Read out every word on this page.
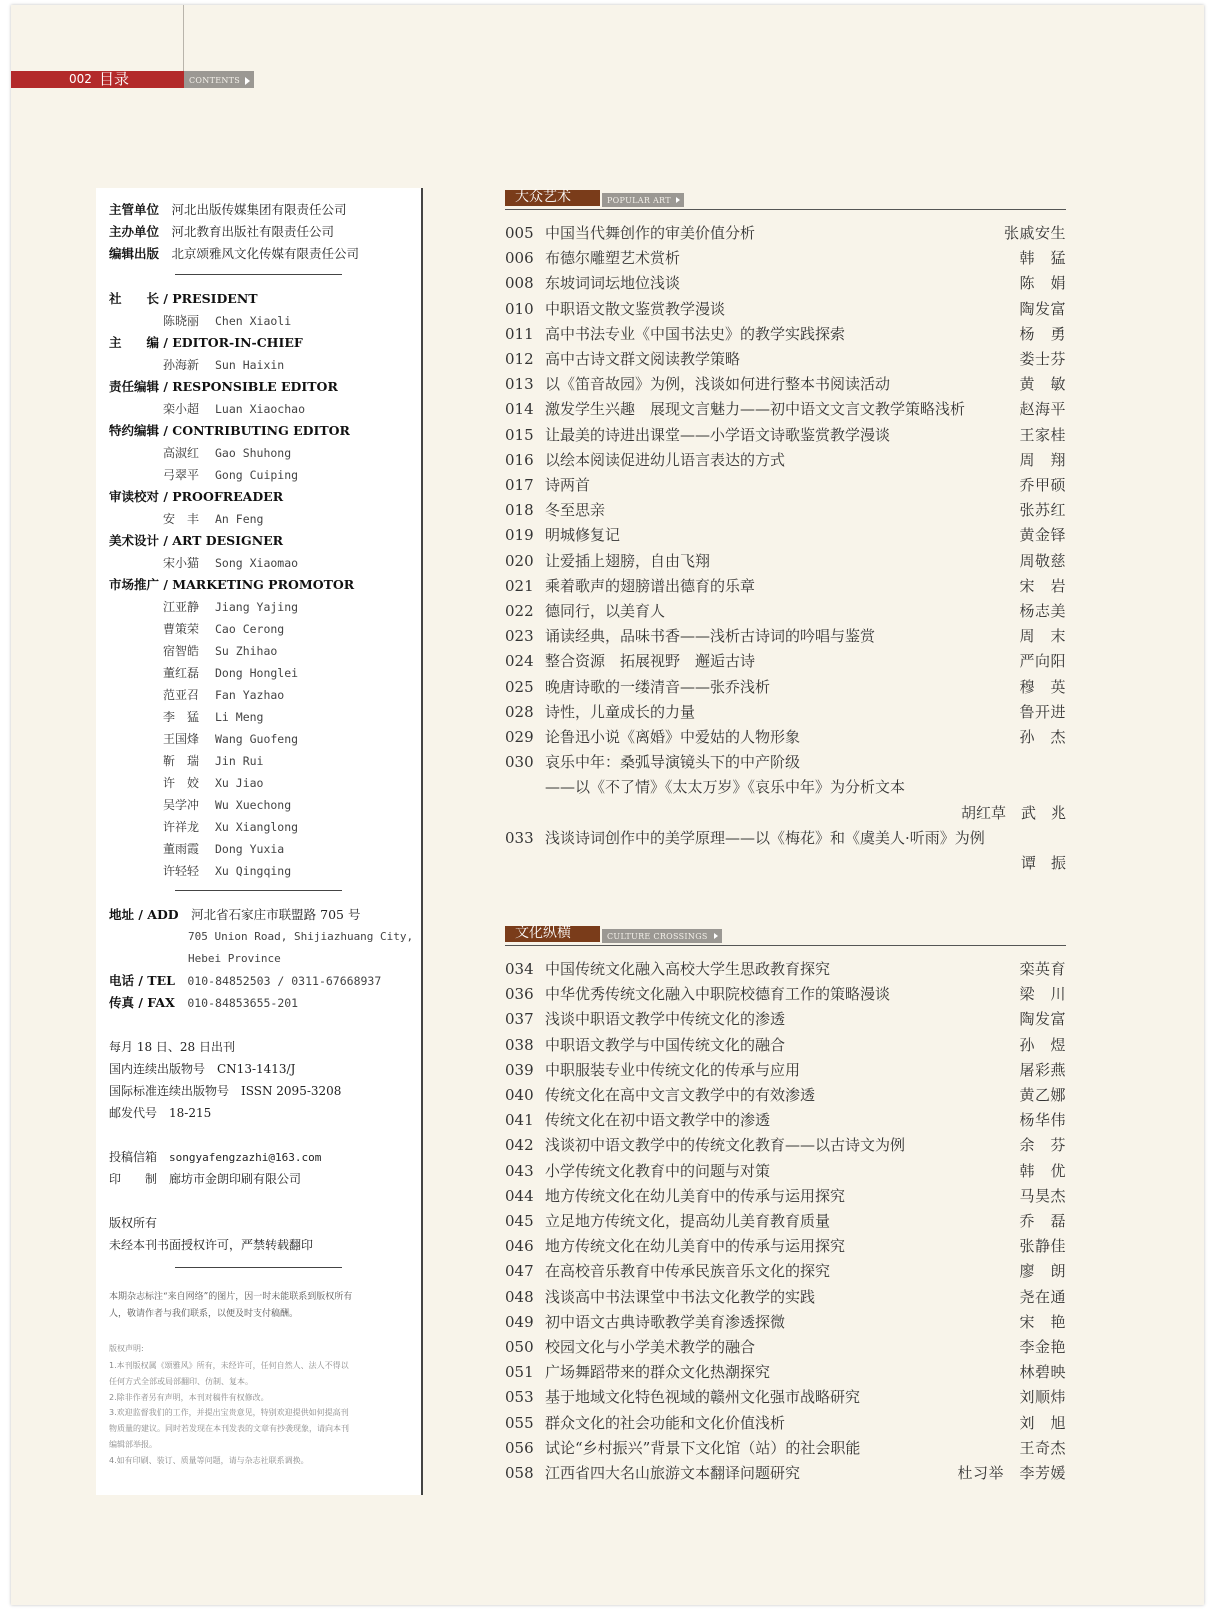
002 目录	CONTENTS
主管单位　 河北出版传媒集团有限责任公司
主办单位　 河北教育出版社有限责任公司
编辑出版　 北京颂雅风文化传媒有限责任公司
社　　长 / PRESIDENT
陈晓丽 Chen Xiaoli
主　　编 / EDITOR-IN-CHIEF
孙海新 Sun Haixin
责任编辑 / RESPONSIBLE EDITOR
栾小超 Luan Xiaochao
特约编辑 / CONTRIBUTING EDITOR
高淑红 Gao Shuhong
弓翠平 Gong Cuiping
审读校对 / PROOFREADER
安　丰 An Feng
美术设计 / ART DESIGNER
宋小猫 Song Xiaomao
市场推广 / MARKETING PROMOTOR
江亚静 Jiang Yajing
曹策荣 Cao Cerong
宿智皓 Su Zhihao
董红磊 Dong Honglei
范亚召 Fan Yazhao
李　猛 Li Meng
王国烽 Wang Guofeng
靳　瑞 Jin Rui
许　姣 Xu Jiao
吴学冲 Wu Xuechong
许祥龙 Xu Xianglong
董雨霞 Dong Yuxia
许轻轻 Xu Qingqing
地址 / ADD　 河北省石家庄市联盟路 705 号
705 Union Road, Shijiazhuang City,
Hebei Province
电话 / TEL　 010-84852503 / 0311-67668937
传真 / FAX　 010-84853655-201
每月 18 日、28 日出刊
国内连续出版物号　CN13-1413/J
国际标准连续出版物号　ISSN 2095-3208
邮发代号　18-215
投稿信箱　 songyafengzazhi@163.com
印　　制　 廊坊市金朗印刷有限公司
版权所有
未经本刊书面授权许可，严禁转载翻印
本期杂志标注“来自网络”的图片，因一时未能联系到版权所有
人，敬请作者与我们联系，以便及时支付稿酬。
版权声明:
1.本刊版权属《颂雅风》所有，未经许可，任何自然人、法人不得以
任何方式全部或局部翻印、仿制、复本。
2.除非作者另有声明，本刊对稿件有权修改。
3.欢迎监督我们的工作，并提出宝贵意见，特别欢迎提供如何提高刊
物质量的建议。同时若发现在本刊发表的文章有抄袭现象，请向本刊
编辑部举报。
4.如有印刷、装订、质量等问题，请与杂志社联系调换。
大众艺术	POPULAR ART
005 中国当代舞创作的审美价值分析	张戚安生
006 布德尔雕塑艺术赏析	韩　猛
008 东坡词词坛地位浅谈	陈　娟
010 中职语文散文鉴赏教学漫谈	陶发富
011 高中书法专业《中国书法史》的教学实践探索	杨　勇
012 高中古诗文群文阅读教学策略	娄士芬
013 以《笛音故园》为例，浅谈如何进行整本书阅读活动	黄　敏
014 激发学生兴趣　展现文言魅力——初中语文文言文教学策略浅析	赵海平
015 让最美的诗进出课堂——小学语文诗歌鉴赏教学漫谈	王家桂
016 以绘本阅读促进幼儿语言表达的方式	周　翔
017 诗两首	乔甲硕
018 冬至思亲	张苏红
019 明城修复记	黄金铎
020 让爱插上翅膀，自由飞翔	周敬慈
021 乘着歌声的翅膀谱出德育的乐章	宋　岩
022 德同行，以美育人	杨志美
023 诵读经典，品味书香——浅析古诗词的吟唱与鉴赏	周　末
024 整合资源　拓展视野　邂逅古诗	严向阳
025 晚唐诗歌的一缕清音——张乔浅析	穆　英
028 诗性，儿童成长的力量	鲁开进
029 论鲁迅小说《离婚》中爱姑的人物形象	孙　杰
030 哀乐中年：桑弧导演镜头下的中产阶级
——以《不了情》《太太万岁》《哀乐中年》为分析文本
胡红草　武　兆
033 浅谈诗词创作中的美学原理——以《梅花》和《虞美人·听雨》为例
谭　振
文化纵横	CULTURE CROSSINGS
034 中国传统文化融入高校大学生思政教育探究	栾英育
036 中华优秀传统文化融入中职院校德育工作的策略漫谈	梁　川
037 浅谈中职语文教学中传统文化的渗透	陶发富
038 中职语文教学与中国传统文化的融合	孙　煜
039 中职服装专业中传统文化的传承与应用	屠彩燕
040 传统文化在高中文言文教学中的有效渗透	黄乙娜
041 传统文化在初中语文教学中的渗透	杨华伟
042 浅谈初中语文教学中的传统文化教育——以古诗文为例	余　芬
043 小学传统文化教育中的问题与对策	韩　优
044 地方传统文化在幼儿美育中的传承与运用探究	马昊杰
045 立足地方传统文化，提高幼儿美育教育质量	乔　磊
046 地方传统文化在幼儿美育中的传承与运用探究	张静佳
047 在高校音乐教育中传承民族音乐文化的探究	廖　朗
048 浅谈高中书法课堂中书法文化教学的实践	尧在通
049 初中语文古典诗歌教学美育渗透探微	宋　艳
050 校园文化与小学美术教学的融合	李金艳
051 广场舞蹈带来的群众文化热潮探究	林碧映
053 基于地域文化特色视域的赣州文化强市战略研究	刘顺炜
055 群众文化的社会功能和文化价值浅析	刘　旭
056 试论“乡村振兴”背景下文化馆（站）的社会职能	王奇杰
058 江西省四大名山旅游文本翻译问题研究	杜习举　李芳媛
